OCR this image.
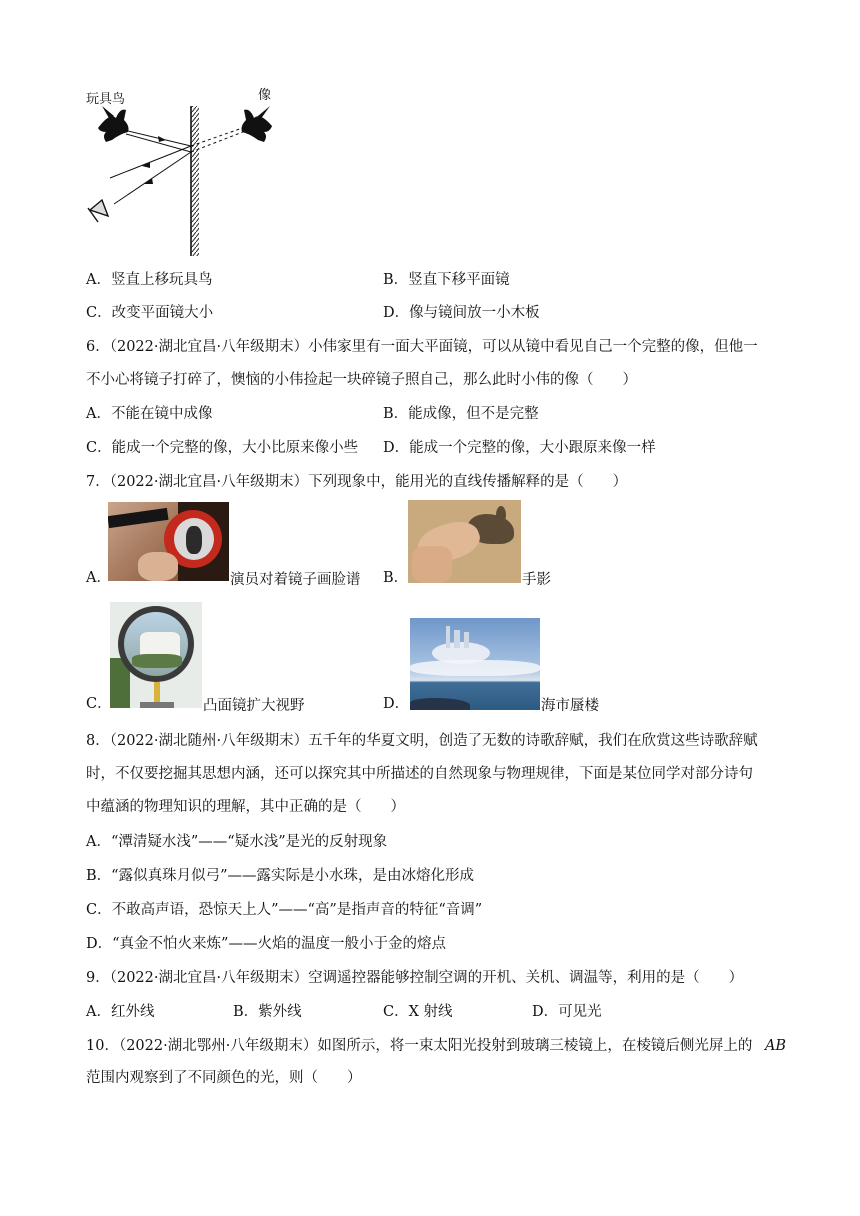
玩具鸟	像
A．竖直上移玩具鸟	B．竖直下移平面镜
C．改变平面镜大小	D．像与镜间放一小木板
6．（2022·湖北宜昌·八年级期末）小伟家里有一面大平面镜，可以从镜中看见自己一个完整的像，但他一
不小心将镜子打碎了，懊恼的小伟捡起一块碎镜子照自己，那么此时小伟的像（　　）
A．不能在镜中成像	B．能成像，但不是完整
C．能成一个完整的像，大小比原来像小些 D．能成一个完整的像，大小跟原来像一样
7．（2022·湖北宜昌·八年级期末）下列现象中，能用光的直线传播解释的是（　　）
A．	演员对着镜子画脸谱 B．	手影
C．	凸面镜扩大视野	D．	海市蜃楼
8．（2022·湖北随州·八年级期末）五千年的华夏文明，创造了无数的诗歌辞赋，我们在欣赏这些诗歌辞赋
时，不仅要挖掘其思想内涵，还可以探究其中所描述的自然现象与物理规律，下面是某位同学对部分诗句
中蕴涵的物理知识的理解，其中正确的是（　　）
A．“潭清疑水浅”——“疑水浅”是光的反射现象
B．“露似真珠月似弓”——露实际是小水珠，是由冰熔化形成
C．不敢高声语，恐惊天上人”——“高”是指声音的特征“音调”
D．“真金不怕火来炼”——火焰的温度一般小于金的熔点
9．（2022·湖北宜昌·八年级期末）空调遥控器能够控制空调的开机、关机、调温等，利用的是（　　）
A．红外线	B．紫外线	C．X 射线	D．可见光
10．（2022·湖北鄂州·八年级期末）如图所示，将一束太阳光投射到玻璃三棱镜上，在棱镜后侧光屏上的 AB
范围内观察到了不同颜色的光，则（　　）
